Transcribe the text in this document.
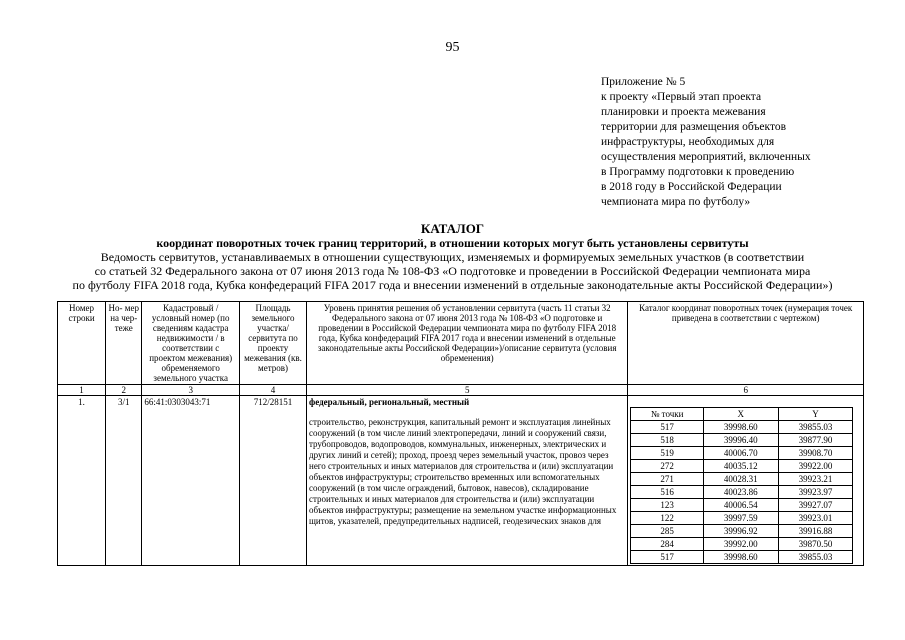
95
Приложение № 5
к проекту «Первый этап проекта
планировки и проекта межевания
территории для размещения объектов
инфраструктуры, необходимых для
осуществления мероприятий, включенных
в Программу подготовки к проведению
в 2018 году в Российской Федерации
чемпионата мира по футболу»
КАТАЛОГ
координат поворотных точек границ территорий, в отношении которых могут быть установлены сервитуты
Ведомость сервитутов, устанавливаемых в отношении существующих, изменяемых и формируемых земельных участков (в соответствии
со статьей 32 Федерального закона от 07 июня 2013 года № 108-ФЗ «О подготовке и проведении в Российской Федерации чемпионата мира
по футболу FIFA 2018 года, Кубка конфедераций FIFA 2017 года и внесении изменений в отдельные законодательные акты Российской Федерации»)
Номер строки	Но- мер на чер- теже	Кадастровый / условный номер (по сведениям кадастра недвижимости / в соответствии с проектом межевания) обременяемого земельного участка	Площадь земельного участка/ сервитута по проекту межевания (кв. метров)	Уровень принятия решения об установлении сервитута (часть 11 статьи 32 Федерального закона от 07 июня 2013 года № 108-ФЗ «О подготовке и проведении в Российской Федерации чемпионата мира по футболу FIFA 2018 года, Кубка конфедераций FIFA 2017 года и внесении изменений в отдельные законодательные акты Российской Федерации»)/описание сервитута (условия обременения)	Каталог координат поворотных точек (нумерация точек приведена в соответствии с чертежом)
1	2	3	4	5	6
1.	3/1	66:41:0303043:71	712/28151	федеральный, региональный, местный
строительство, реконструкция, капитальный ремонт и эксплуатация линейных сооружений (в том числе линий электропередачи, линий и сооружений связи, трубопроводов, водопроводов, коммунальных, инженерных, электрических и других линий и сетей); проход, проезд через земельный участок, провоз через него строительных и иных материалов для строительства и (или) эксплуатации объектов инфраструктуры; строительство временных или вспомогательных сооружений (в том числе ограждений, бытовок, навесов), складирование строительных и иных материалов для строительства и (или) эксплуатации объектов инфраструктуры; размещение на земельном участке информационных щитов, указателей, предупредительных надписей, геодезических знаков для

№ точки	X	Y
517	39998.60	39855.03
518	39996.40	39877.90
519	40006.70	39908.70
272	40035.12	39922.00
271	40028.31	39923.21
516	40023.86	39923.97
123	40006.54	39927.07
122	39997.59	39923.01
285	39996.92	39916.88
284	39992.00	39870.50
517	39998.60	39855.03
